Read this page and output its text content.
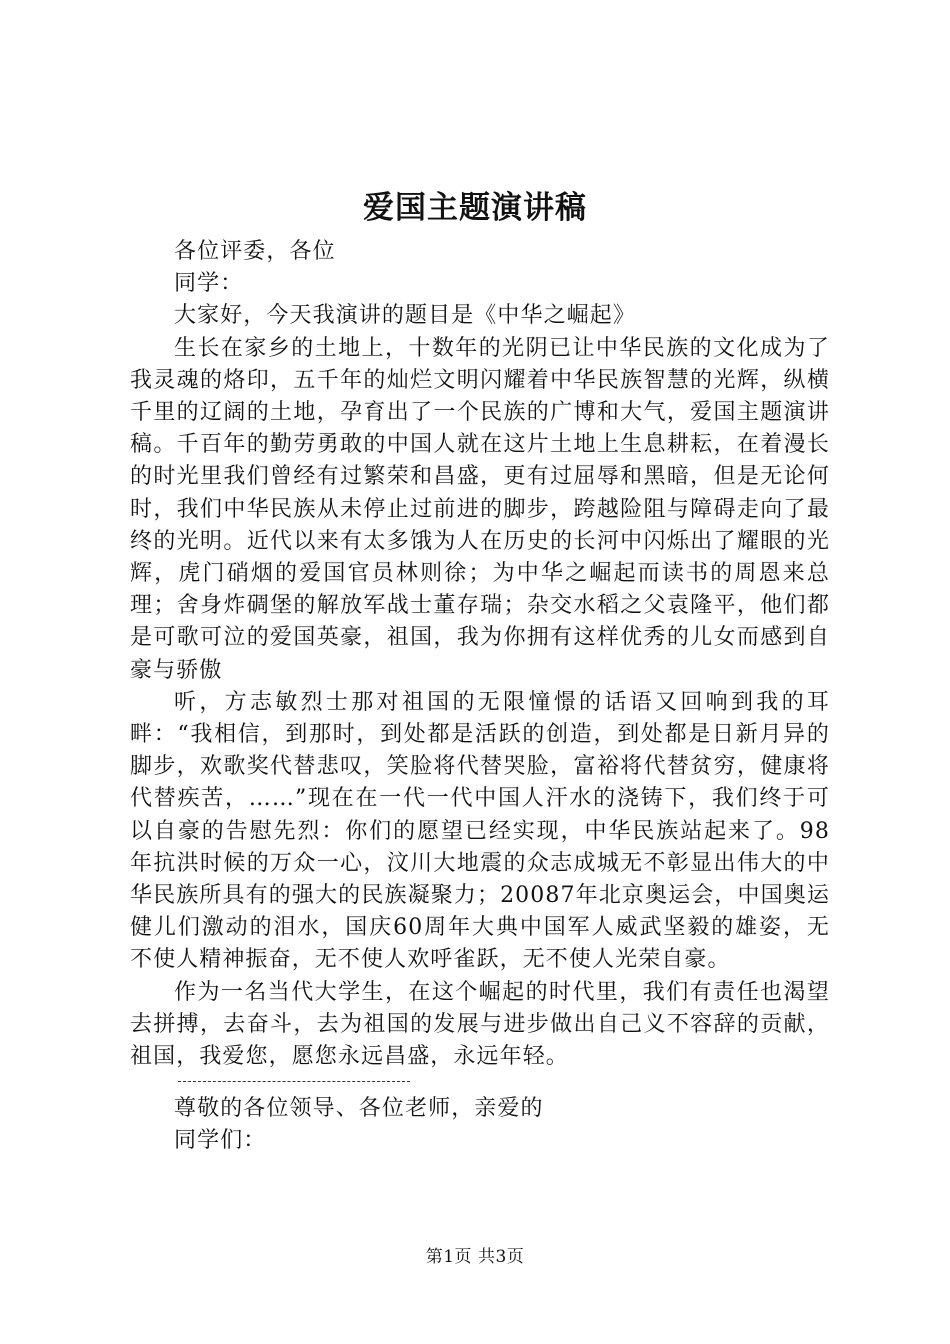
爱国主题演讲稿

各位评委，各位

同学：

大家好，今天我演讲的题目是《中华之崛起》

生长在家乡的土地上，十数年的光阴已让中华民族的文化成为了我灵魂的烙印，五千年的灿烂文明闪耀着中华民族智慧的光辉，纵横千里的辽阔的土地，孕育出了一个民族的广博和大气，爱国主题演讲稿。千百年的勤劳勇敢的中国人就在这片土地上生息耕耘，在着漫长的时光里我们曾经有过繁荣和昌盛，更有过屈辱和黑暗，但是无论何时，我们中华民族从未停止过前进的脚步，跨越险阻与障碍走向了最终的光明。近代以来有太多饿为人在历史的长河中闪烁出了耀眼的光辉，虎门硝烟的爱国官员林则徐；为中华之崛起而读书的周恩来总理；舍身炸碉堡的解放军战士董存瑞；杂交水稻之父袁隆平，他们都是可歌可泣的爱国英豪，祖国，我为你拥有这样优秀的儿女而感到自豪与骄傲

听，方志敏烈士那对祖国的无限憧憬的话语又回响到我的耳畔：“我相信，到那时，到处都是活跃的创造，到处都是日新月异的脚步，欢歌奖代替悲叹，笑脸将代替哭脸，富裕将代替贫穷，健康将代替疾苦，……”现在在一代一代中国人汗水的浇铸下，我们终于可以自豪的告慰先烈：你们的愿望已经实现，中华民族站起来了。98年抗洪时候的万众一心，汶川大地震的众志成城无不彰显出伟大的中华民族所具有的强大的民族凝聚力；20087年北京奥运会，中国奥运健儿们激动的泪水，国庆60周年大典中国军人威武坚毅的雄姿，无不使人精神振奋，无不使人欢呼雀跃，无不使人光荣自豪。

作为一名当代大学生，在这个崛起的时代里，我们有责任也渴望去拼搏，去奋斗，去为祖国的发展与进步做出自己义不容辞的贡献，祖国，我爱您，愿您永远昌盛，永远年轻。

尊敬的各位领导、各位老师，亲爱的

同学们：

第1页 共3页
